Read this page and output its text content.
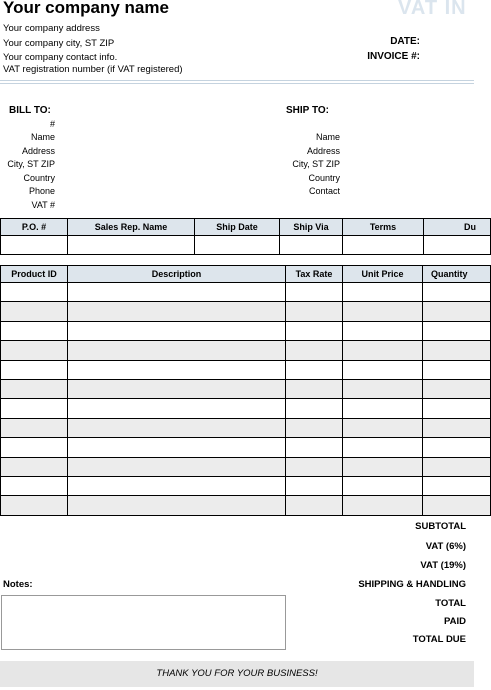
Your company name	VAT IN
Your company address
Your company city, ST ZIP
Your company contact info.
VAT registration number (if VAT registered)
DATE:
INVOICE #:
BILL TO:	SHIP TO:
#
Name
Address
City, ST ZIP
Country
Phone
VAT #
Name
Address
City, ST ZIP
Country
Contact
P.O. #	Sales Rep. Name	Ship Date	Ship Via	Terms	Du

Product ID	Description	Tax Rate	Unit Price	Quantity

SUBTOTAL
VAT (6%)
VAT (19%)
SHIPPING & HANDLING
TOTAL
PAID
TOTAL DUE
Notes:
THANK YOU FOR YOUR BUSINESS!
